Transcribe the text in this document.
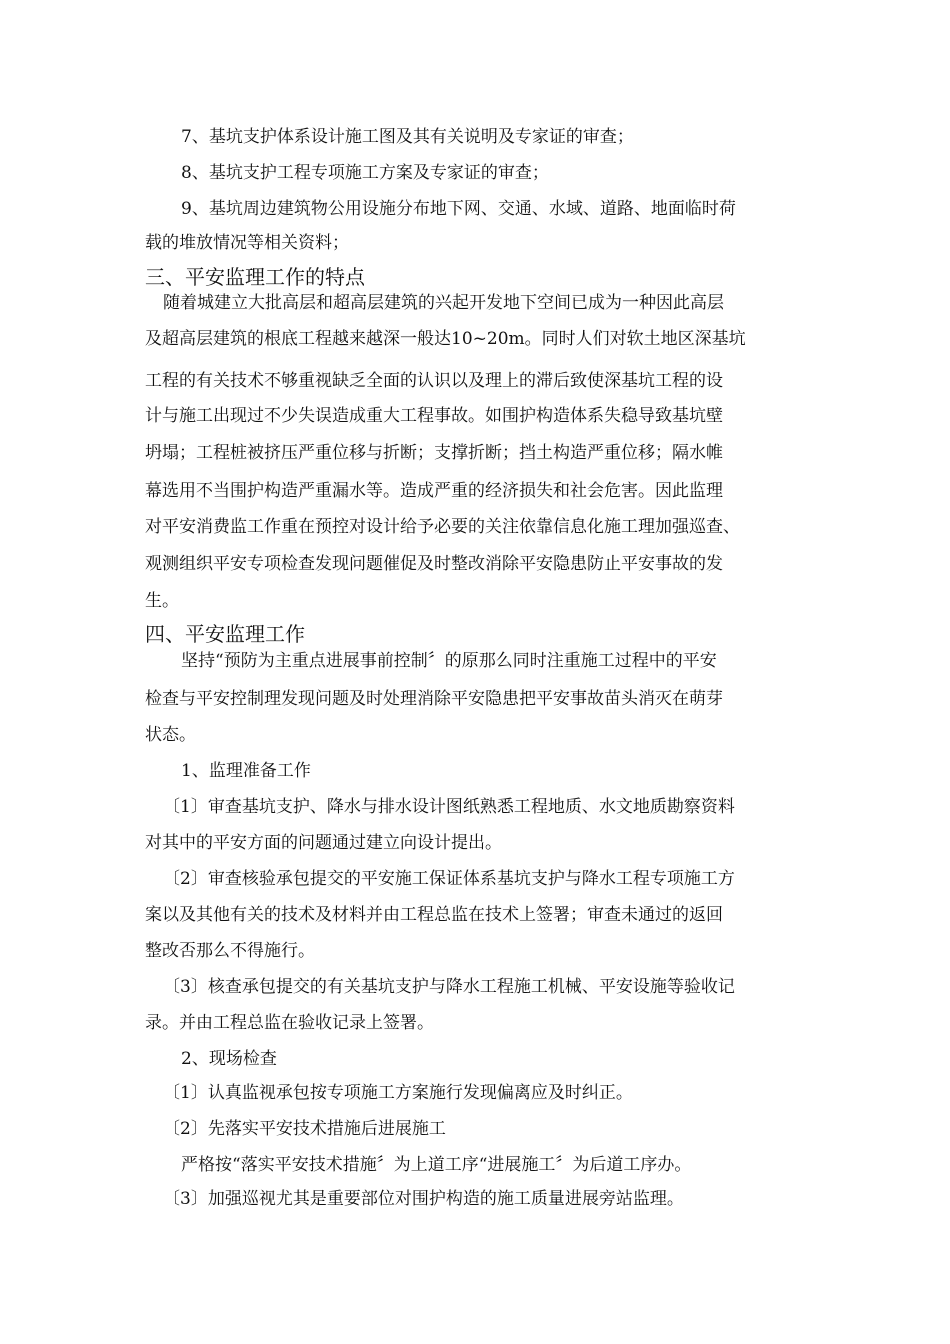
7、基坑支护体系设计施工图及其有关说明及专家证的审查；
8、基坑支护工程专项施工方案及专家证的审查；
9、基坑周边建筑物公用设施分布地下网、交通、水域、道路、地面临时荷
载的堆放情况等相关资料；
三、平安监理工作的特点
随着城建立大批高层和超高层建筑的兴起开发地下空间已成为一种因此高层
及超高层建筑的根底工程越来越深一般达10~20m。同时人们对软土地区深基坑
工程的有关技术不够重视缺乏全面的认识以及理上的滞后致使深基坑工程的设
计与施工出现过不少失误造成重大工程事故。如围护构造体系失稳导致基坑壁
坍塌；工程桩被挤压严重位移与折断；支撑折断；挡土构造严重位移；隔水帷
幕选用不当围护构造严重漏水等。造成严重的经济损失和社会危害。因此监理
对平安消费监工作重在预控对设计给予必要的关注依靠信息化施工理加强巡查、
观测组织平安专项检查发现问题催促及时整改消除平安隐患防止平安事故的发
生。
四、平安监理工作
坚持“预防为主重点进展事前控制〞的原那么同时注重施工过程中的平安
检查与平安控制理发现问题及时处理消除平安隐患把平安事故苗头消灭在萌芽
状态。
1、监理准备工作
〔1〕审查基坑支护、降水与排水设计图纸熟悉工程地质、水文地质勘察资料
对其中的平安方面的问题通过建立向设计提出。
〔2〕审查核验承包提交的平安施工保证体系基坑支护与降水工程专项施工方
案以及其他有关的技术及材料并由工程总监在技术上签署；审查未通过的返回
整改否那么不得施行。
〔3〕核查承包提交的有关基坑支护与降水工程施工机械、平安设施等验收记
录。并由工程总监在验收记录上签署。
2、现场检查
〔1〕认真监视承包按专项施工方案施行发现偏离应及时纠正。
〔2〕先落实平安技术措施后进展施工
严格按“落实平安技术措施〞为上道工序“进展施工〞为后道工序办。
〔3〕加强巡视尤其是重要部位对围护构造的施工质量进展旁站监理。
